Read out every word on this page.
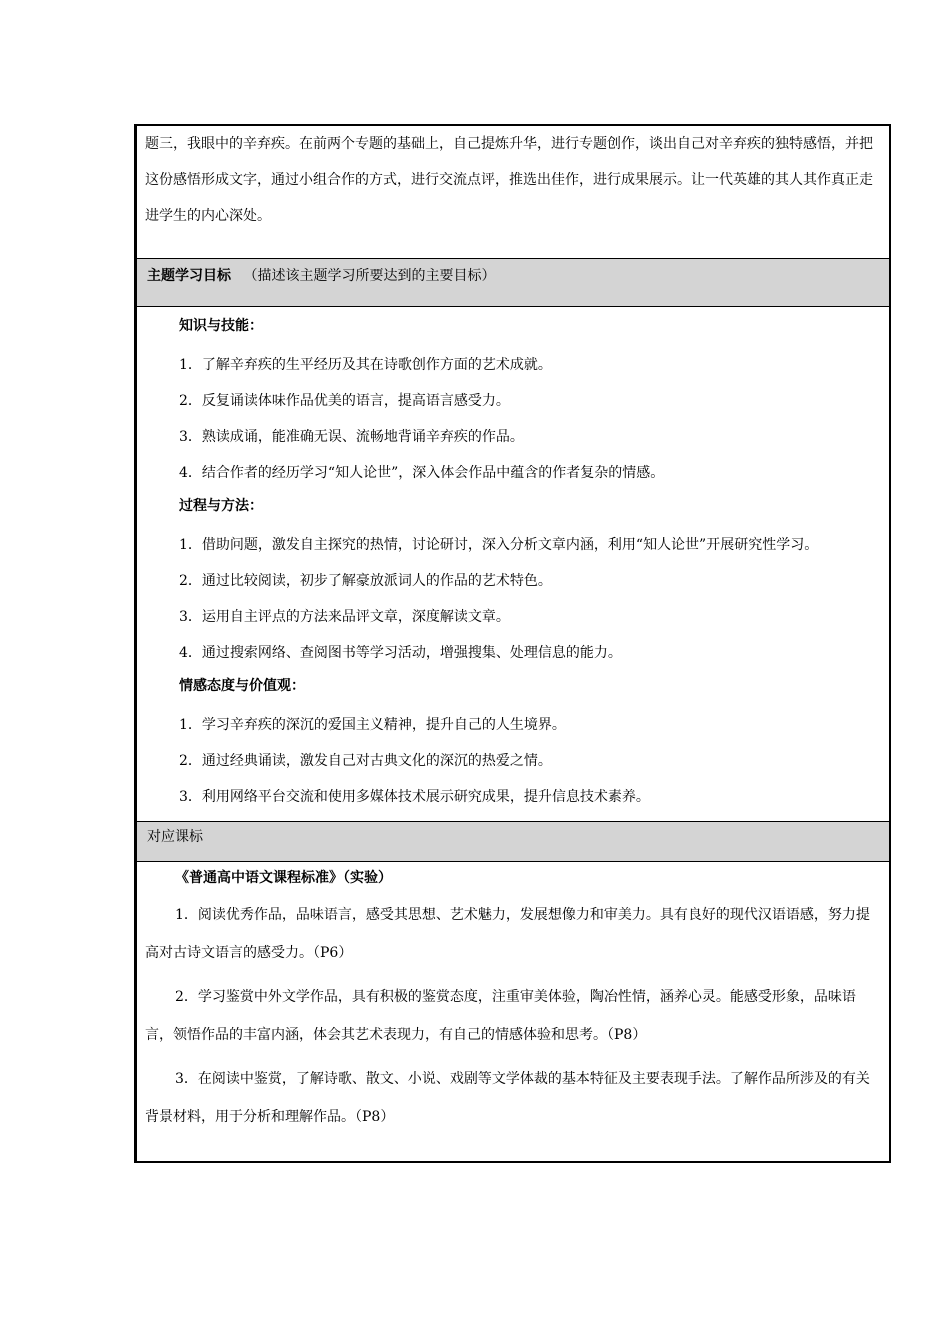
题三，我眼中的辛弃疾。在前两个专题的基础上，自己提炼升华，进行专题创作，谈出自己对辛弃疾的独特感悟，并把这份感悟形成文字，通过小组合作的方式，进行交流点评，推选出佳作，进行成果展示。让一代英雄的其人其作真正走进学生的内心深处。

主题学习目标 （描述该主题学习所要达到的主要目标）
知识与技能：

1．了解辛弃疾的生平经历及其在诗歌创作方面的艺术成就。

2．反复诵读体味作品优美的语言，提高语言感受力。

3．熟读成诵，能准确无误、流畅地背诵辛弃疾的作品。

4．结合作者的经历学习“知人论世”，深入体会作品中蕴含的作者复杂的情感。

过程与方法：

1．借助问题，激发自主探究的热情，讨论研讨，深入分析文章内涵，利用“知人论世”开展研究性学习。

2．通过比较阅读，初步了解豪放派词人的作品的艺术特色。

3．运用自主评点的方法来品评文章，深度解读文章。

4．通过搜索网络、查阅图书等学习活动，增强搜集、处理信息的能力。

情感态度与价值观：

1．学习辛弃疾的深沉的爱国主义精神，提升自己的人生境界。

2．通过经典诵读，激发自己对古典文化的深沉的热爱之情。

3．利用网络平台交流和使用多媒体技术展示研究成果，提升信息技术素养。

对应课标

《普通高中语文课程标准》（实验）

1．阅读优秀作品，品味语言，感受其思想、艺术魅力，发展想像力和审美力。具有良好的现代汉语语感，努力提高对古诗文语言的感受力。（P6）

2．学习鉴赏中外文学作品，具有积极的鉴赏态度，注重审美体验，陶冶性情，涵养心灵。能感受形象，品味语言，领悟作品的丰富内涵，体会其艺术表现力，有自己的情感体验和思考。（P8）

3．在阅读中鉴赏，了解诗歌、散文、小说、戏剧等文学体裁的基本特征及主要表现手法。了解作品所涉及的有关背景材料，用于分析和理解作品。（P8）
